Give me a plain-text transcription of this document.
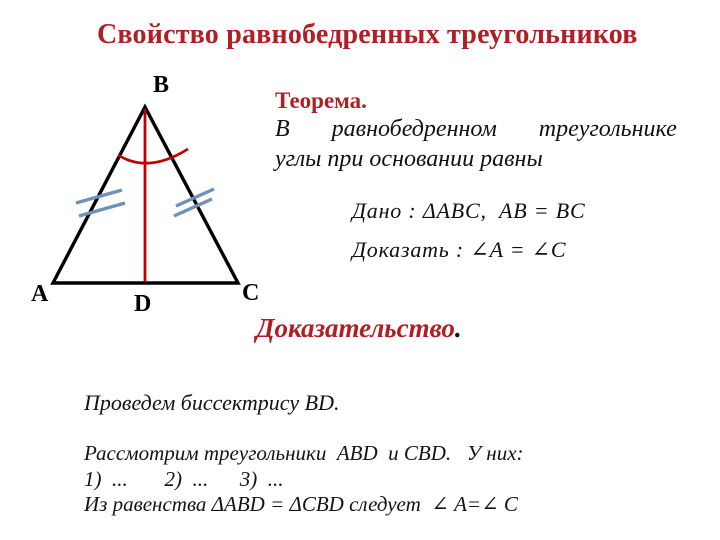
Свойство равнобедренных треугольников
B
A	C
D
Теорема.
В  равнобедренном  треугольнике
углы при основании равны
Дано : ΔABC,  AB = BC
Доказать : ∠A = ∠C
Доказательство.
Проведем биссектрису BD.
Рассмотрим треугольники  ABD  и CBD.   У них:
1)  ...       2)  ...      3)  ...
Из равенства ΔABD = ΔCBD следует  ∠ A=∠ C
